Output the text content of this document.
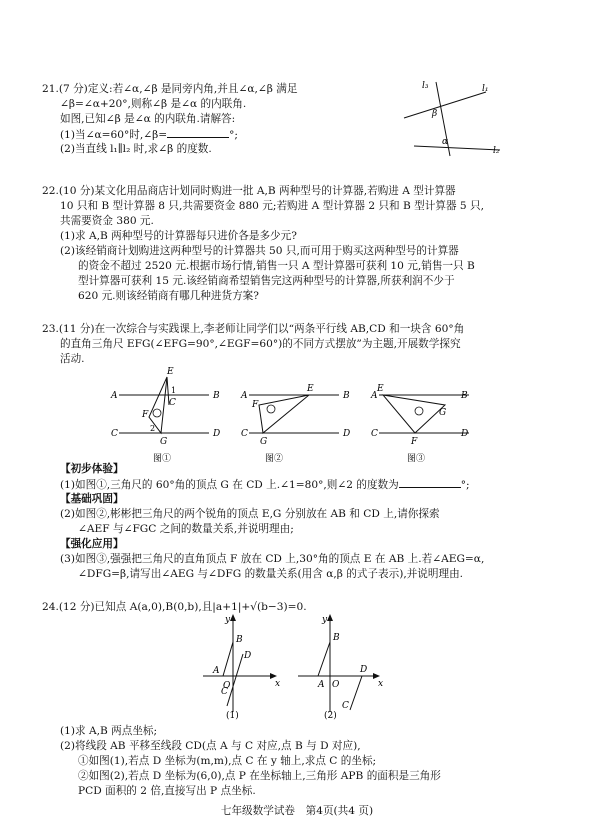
21.(7 分)定义:若∠α,∠β 是同旁内角,并且∠α,∠β 满足
∠β=∠α+20°,则称∠β 是∠α 的内联角.
如图,已知∠β 是∠α 的内联角.请解答:
(1)当∠α=60°时,∠β=	°;
(2)当直线 l₁∥l₂ 时,求∠β 的度数.
l₃	l₁
l₂
β
α
22.(10 分)某文化用品商店计划同时购进一批 A,B 两种型号的计算器,若购进 A 型计算器
10 只和 B 型计算器 8 只,共需要资金 880 元;若购进 A 型计算器 2 只和 B 型计算器 5 只,
共需要资金 380 元.
(1)求 A,B 两种型号的计算器每只进价各是多少元?
(2)该经销商计划购进这两种型号的计算器共 50 只,而可用于购买这两种型号的计算器
的资金不超过 2520 元.根据市场行情,销售一只 A 型计算器可获利 10 元,销售一只 B
型计算器可获利 15 元.该经销商希望销售完这两种型号的计算器,所获利润不少于
620 元.则该经销商有哪几种进货方案?
23.(11 分)在一次综合与实践课上,李老师让同学们以“两条平行线 AB,CD 和一块含 60°角
的直角三角尺 EFG(∠EFG=90°,∠EGF=60°)的不同方式摆放”为主题,开展数学探究
活动.
A	B
C	D
E
F
G
C
1
2
图①
A	B
C	D
E
F
G
图②
A	B
C	D
E
F
G
图③
【初步体验】
(1)如图①,三角尺的 60°角的顶点 G 在 CD 上.∠1=80°,则∠2 的度数为	°;
【基础巩固】
(2)如图②,彬彬把三角尺的两个锐角的顶点 E,G 分别放在 AB 和 CD 上,请你探索
∠AEF 与∠FGC 之间的数量关系,并说明理由;
【强化应用】
(3)如图③,强强把三角尺的直角顶点 F 放在 CD 上,30°角的顶点 E 在 AB 上.若∠AEG=α,
∠DFG=β,请写出∠AEG 与∠DFG 的数量关系(用含 α,β 的式子表示),并说明理由.
24.(12 分)已知点 A(a,0),B(0,b),且|a+1|+√(b−3)=0.
y
x
A
B
O
C
D
(1)
y
x
A
B
O
C
D
(2)
(1)求 A,B 两点坐标;
(2)将线段 AB 平移至线段 CD(点 A 与 C 对应,点 B 与 D 对应),
①如图(1),若点 D 坐标为(m,m),点 C 在 y 轴上,求点 C 的坐标;
②如图(2),若点 D 坐标为(6,0),点 P 在坐标轴上,三角形 APB 的面积是三角形
PCD 面积的 2 倍,直接写出 P 点坐标.
七年级数学试卷　第4页(共4 页)
